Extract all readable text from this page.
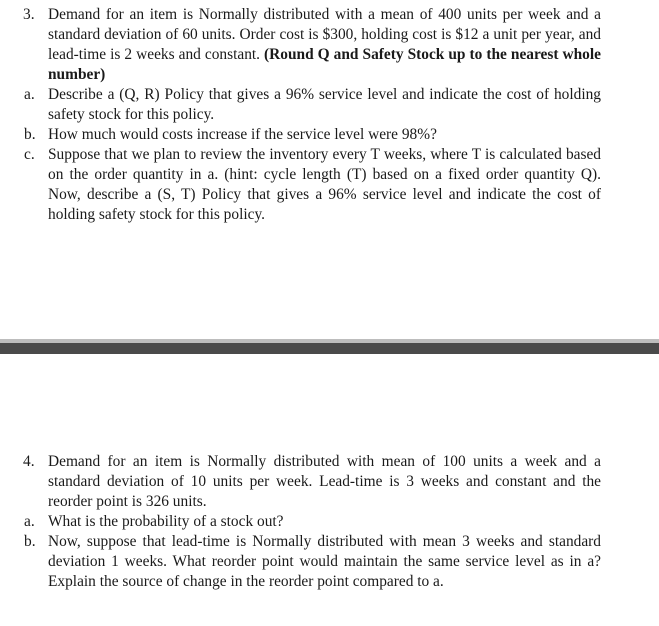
3. Demand for an item is Normally distributed with a mean of 400 units per week and a standard deviation of 60 units. Order cost is $300, holding cost is $12 a unit per year, and lead-time is 2 weeks and constant. (Round Q and Safety Stock up to the nearest whole number)

a. Describe a (Q, R) Policy that gives a 96% service level and indicate the cost of holding safety stock for this policy.
b. How much would costs increase if the service level were 98%?
c. Suppose that we plan to review the inventory every T weeks, where T is calculated based on the order quantity in a. (hint: cycle length (T) based on a fixed order quantity Q). Now, describe a (S, T) Policy that gives a 96% service level and indicate the cost of holding safety stock for this policy.
4. Demand for an item is Normally distributed with mean of 100 units a week and a standard deviation of 10 units per week. Lead-time is 3 weeks and constant and the reorder point is 326 units.

a. What is the probability of a stock out?
b. Now, suppose that lead-time is Normally distributed with mean 3 weeks and standard deviation 1 weeks. What reorder point would maintain the same service level as in a? Explain the source of change in the reorder point compared to a.
